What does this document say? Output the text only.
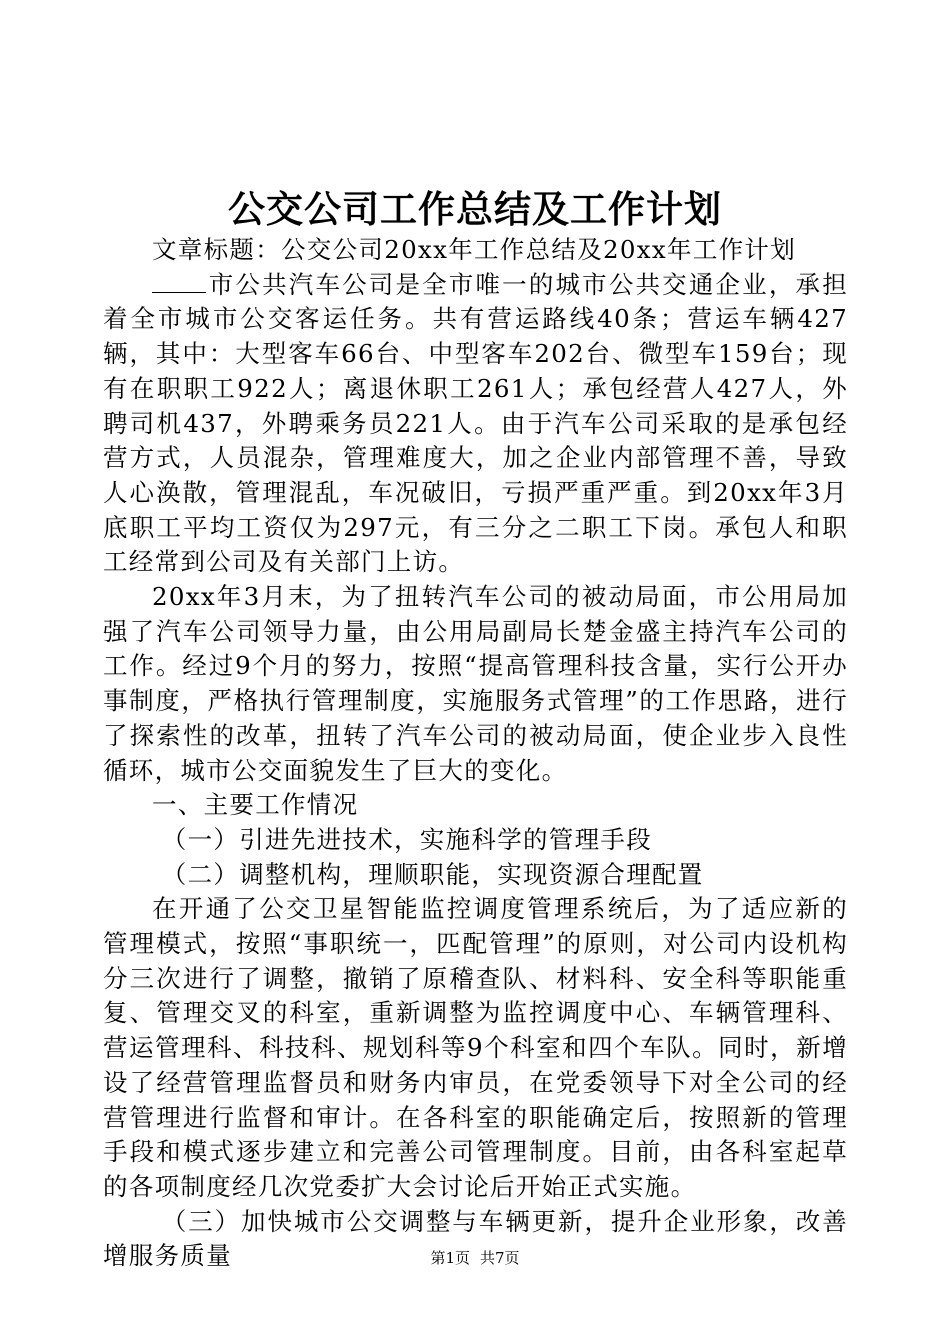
公交公司工作总结及工作计划

文章标题：公交公司20xx年工作总结及20xx年工作计划

市公共汽车公司是全市唯一的城市公共交通企业，承担着全市城市公交客运任务。共有营运路线40条；营运车辆427辆，其中：大型客车66台、中型客车202台、微型车159台；现有在职职工922人；离退休职工261人；承包经营人427人，外聘司机437，外聘乘务员221人。由于汽车公司采取的是承包经营方式，人员混杂，管理难度大，加之企业内部管理不善，导致人心涣散，管理混乱，车况破旧，亏损严重严重。到20xx年3月底职工平均工资仅为297元，有三分之二职工下岗。承包人和职工经常到公司及有关部门上访。

20xx年3月末，为了扭转汽车公司的被动局面，市公用局加强了汽车公司领导力量，由公用局副局长楚金盛主持汽车公司的工作。经过9个月的努力，按照“提高管理科技含量，实行公开办事制度，严格执行管理制度，实施服务式管理”的工作思路，进行了探索性的改革，扭转了汽车公司的被动局面，使企业步入良性循环，城市公交面貌发生了巨大的变化。

一、主要工作情况

（一）引进先进技术，实施科学的管理手段

（二）调整机构，理顺职能，实现资源合理配置

在开通了公交卫星智能监控调度管理系统后，为了适应新的管理模式，按照“事职统一，匹配管理”的原则，对公司内设机构分三次进行了调整，撤销了原稽查队、材料科、安全科等职能重复、管理交叉的科室，重新调整为监控调度中心、车辆管理科、营运管理科、科技科、规划科等9个科室和四个车队。同时，新增设了经营管理监督员和财务内审员，在党委领导下对全公司的经营管理进行监督和审计。在各科室的职能确定后，按照新的管理手段和模式逐步建立和完善公司管理制度。目前，由各科室起草的各项制度经几次党委扩大会讨论后开始正式实施。

（三）加快城市公交调整与车辆更新，提升企业形象，改善增服务质量	第1页 共7页
